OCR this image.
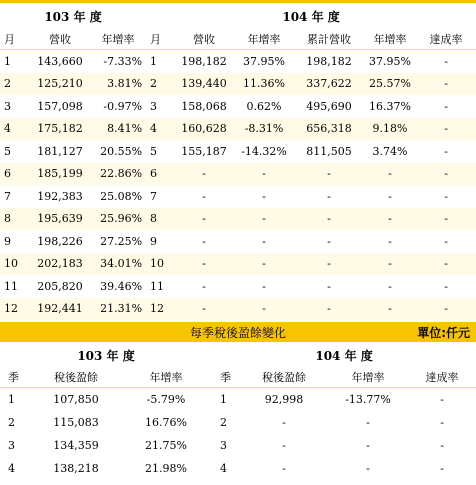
103 年 度			104 年 度					
月	營收	年增率	月	營收	年增率	累計營收	年增率	達成率
1	143,660	-7.33%	1	198,182	37.95%	198,182	37.95%	-
2	125,210	3.81%	2	139,440	11.36%	337,622	25.57%	-
3	157,098	-0.97%	3	158,068	0.62%	495,690	16.37%	-
4	175,182	8.41%	4	160,628	-8.31%	656,318	9.18%	-
5	181,127	20.55%	5	155,187	-14.32%	811,505	3.74%	-
6	185,199	22.86%	6	-	-	-	-	-
7	192,383	25.08%	7	-	-	-	-	-
8	195,639	25.96%	8	-	-	-	-	-
9	198,226	27.25%	9	-	-	-	-	-
10	202,183	34.01%	10	-	-	-	-	-
11	205,820	39.46%	11	-	-	-	-	-
12	192,441	21.31%	12	-	-	-	-	-
每季稅後盈餘變化	單位:仟元
103 年 度			104 年 度			
季	稅後盈餘	年增率	季	稅後盈餘	年增率	達成率
1	107,850	-5.79%	1	92,998	-13.77%	-
2	115,083	16.76%	2	-	-	-
3	134,359	21.75%	3	-	-	-
4	138,218	21.98%	4	-	-	-
